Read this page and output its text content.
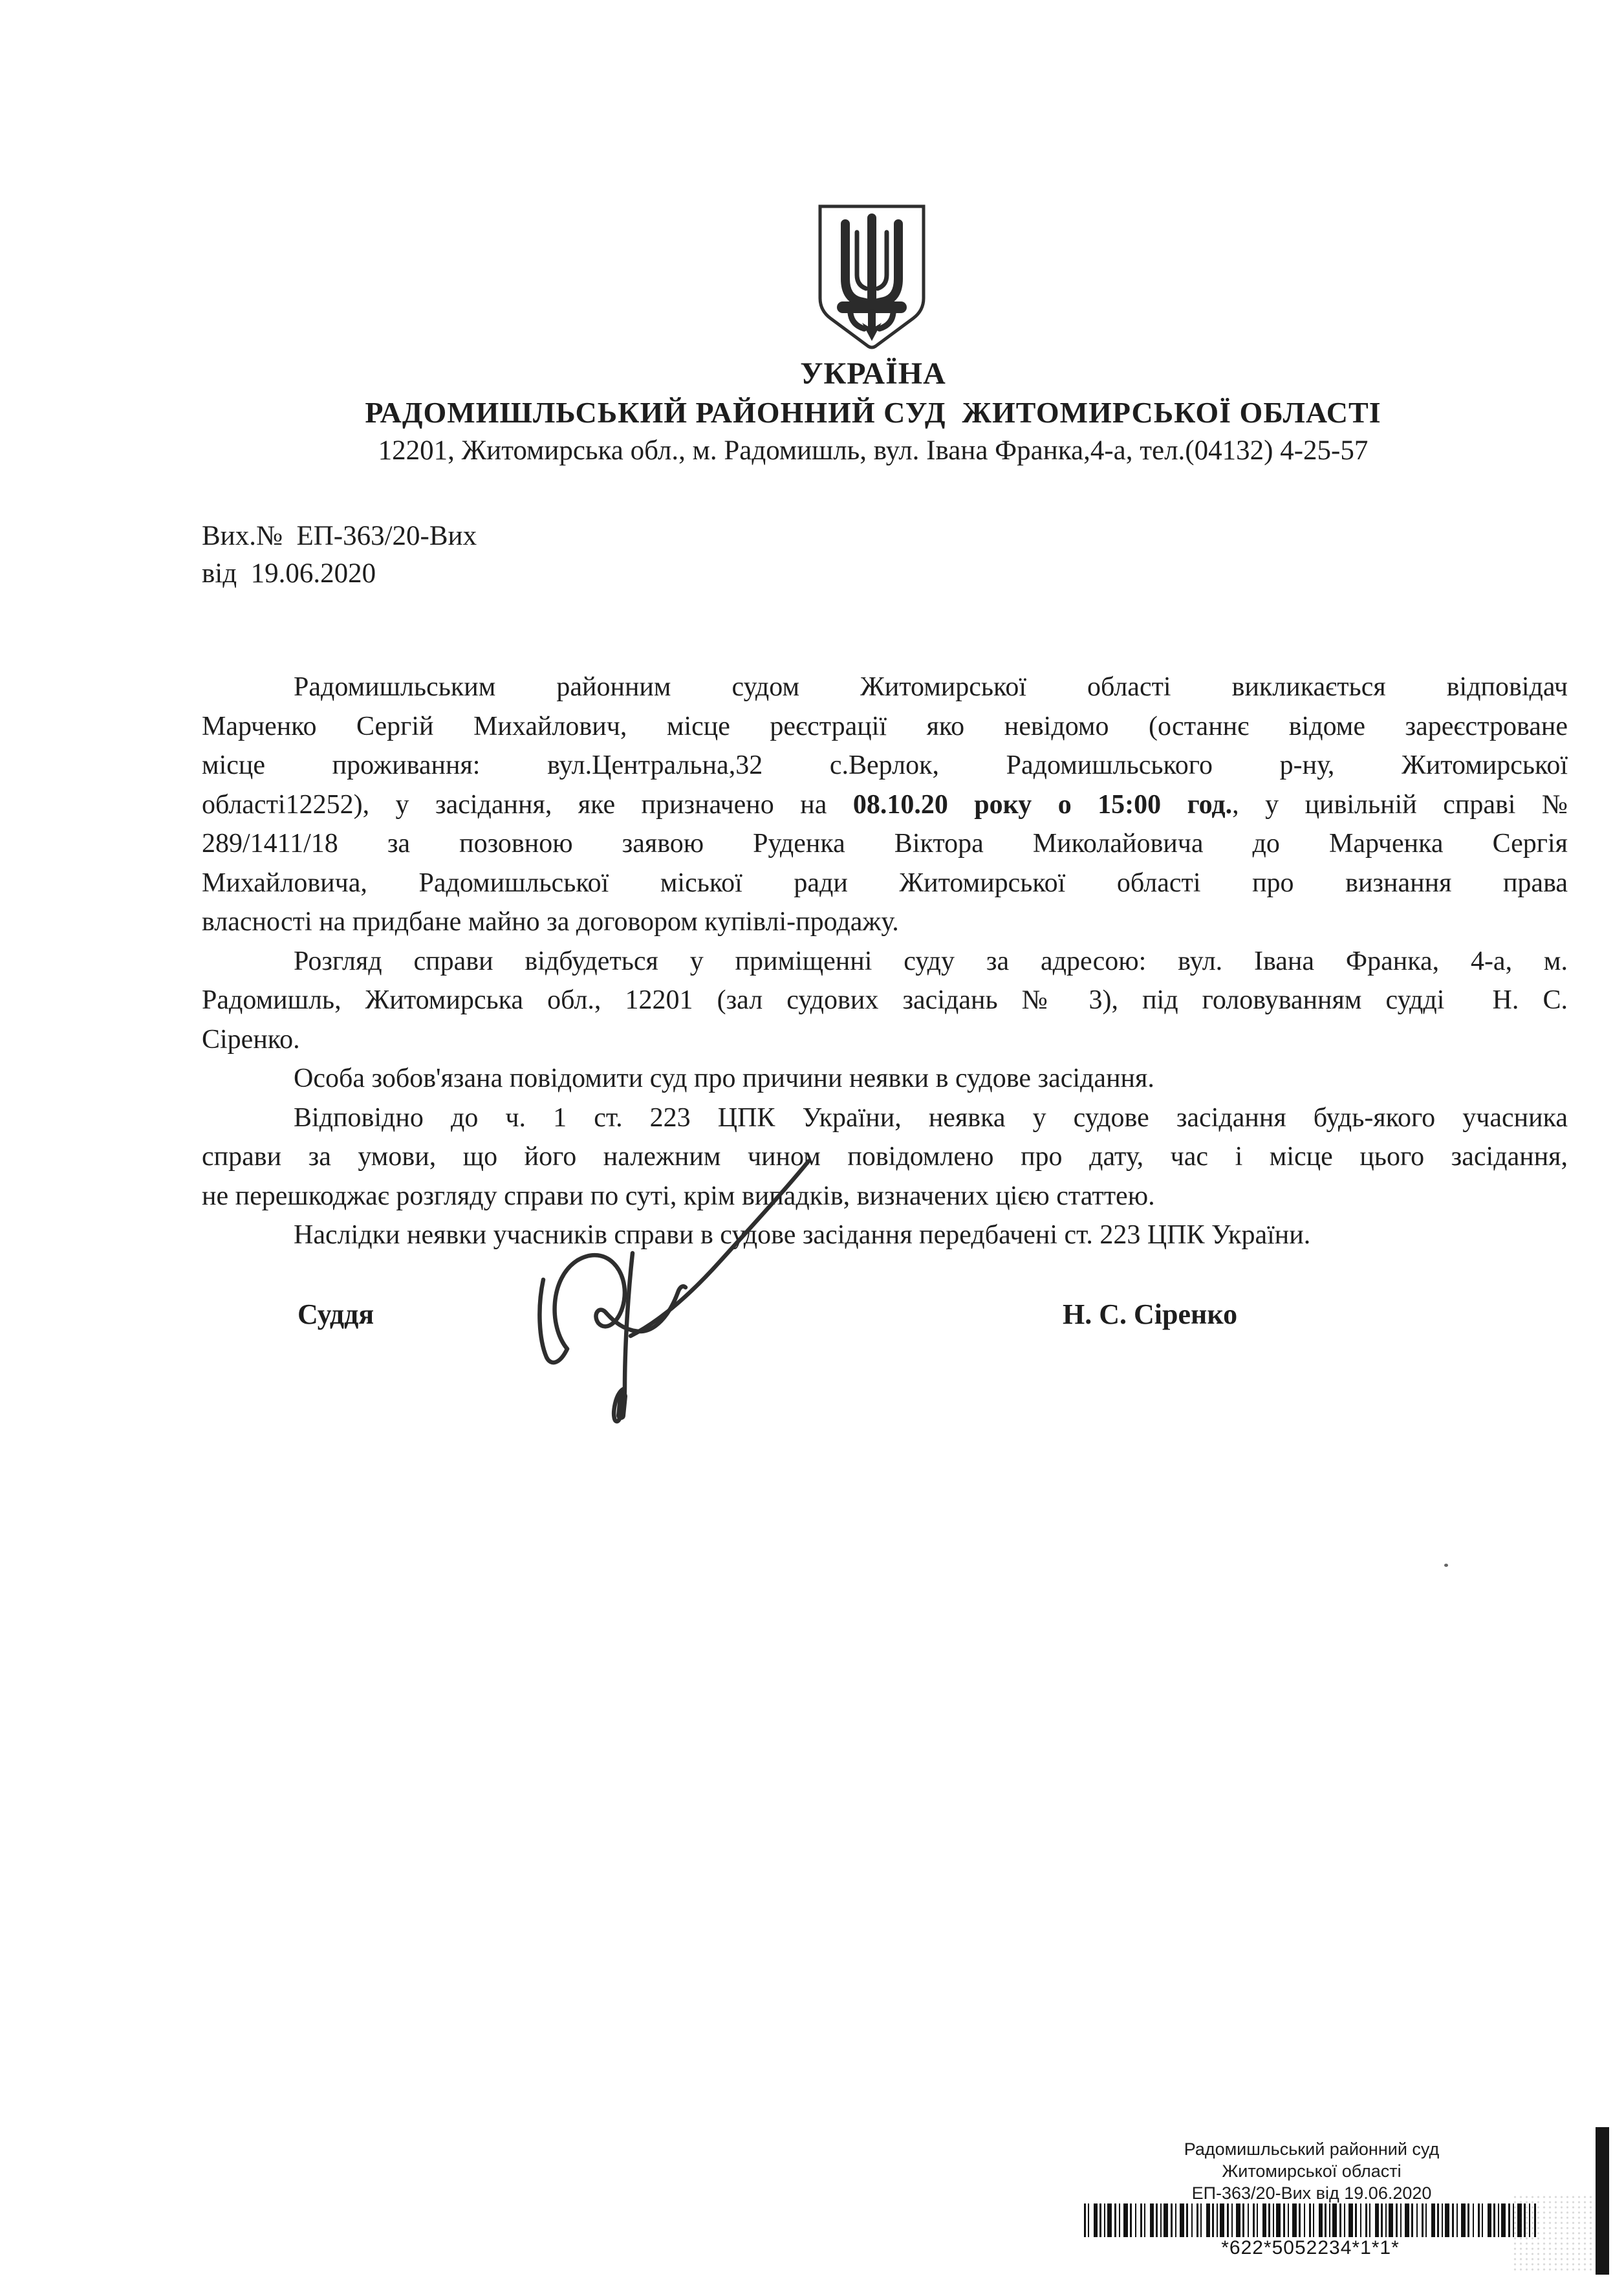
УКРАЇНА
РАДОМИШЛЬСЬКИЙ РАЙОННИЙ СУД  ЖИТОМИРСЬКОЇ ОБЛАСТІ
12201, Житомирська обл., м. Радомишль, вул. Івана Франка,4-а, тел.(04132) 4-25-57
Вих.№  ЕП-363/20-Вих
від  19.06.2020
Радомишльським районним судом Житомирської області викликається відповідач
Марченко Сергій Михайлович, місце реєстрації яко невідомо (останнє відоме зареєстроване
місце проживання: вул.Центральна,32 с.Верлок, Радомишльського р-ну, Житомирської
області12252), у засідання, яке призначено на 08.10.20 року о 15:00 год., у цивільній справі №
289/1411/18 за позовною заявою Руденка Віктора Миколайовича до Марченка Сергія
Михайловича, Радомишльської міської ради Житомирської області про визнання права
власності на придбане майно за договором купівлі-продажу.
Розгляд справи відбудеться у приміщенні суду за адресою: вул. Івана Франка, 4-а, м.
Радомишль, Житомирська обл., 12201 (зал судових засідань № 3), під головуванням судді  Н. С.
Сіренко.
Особа зобов'язана повідомити суд про причини неявки в судове засідання.
Відповідно до ч. 1 ст. 223 ЦПК України, неявка у судове засідання будь-якого учасника
справи за умови, що його належним чином повідомлено про дату, час і місце цього засідання,
не перешкоджає розгляду справи по суті, крім випадків, визначених цією статтею.
Наслідки неявки учасників справи в судове засідання передбачені ст. 223 ЦПК України.
Суддя	Н. С. Сіренко
Радомишльський районний суд
Житомирської області
ЕП-363/20-Вих від 19.06.2020
*622*5052234*1*1*
